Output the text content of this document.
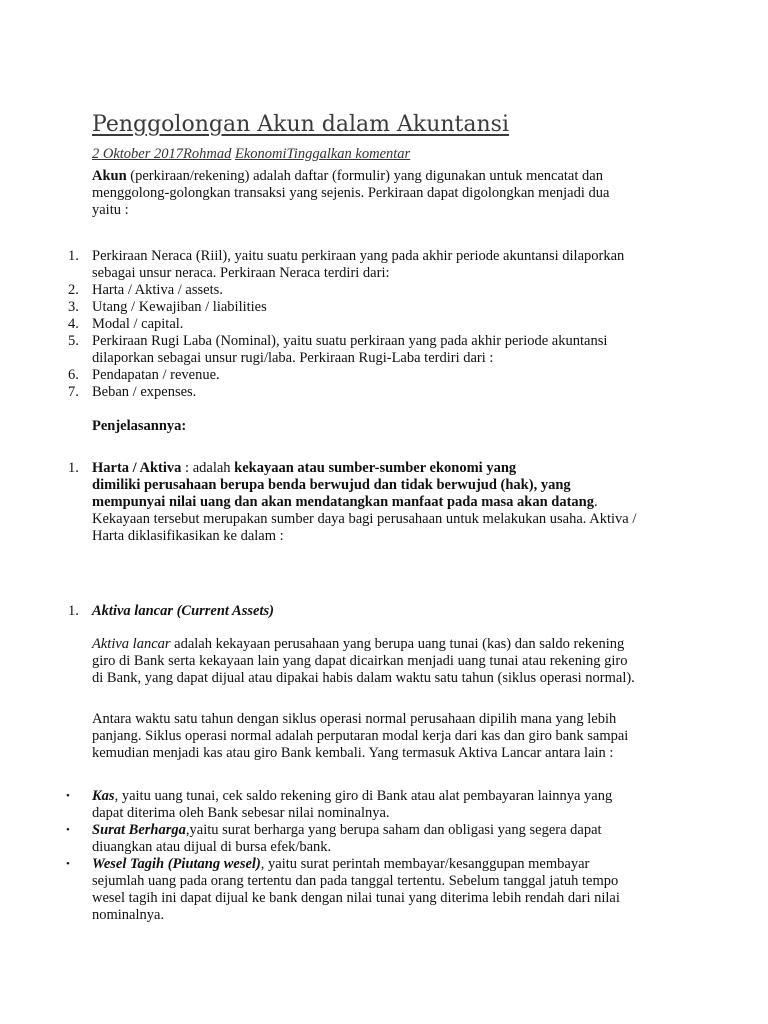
Penggolongan Akun dalam Akuntansi
2 Oktober 2017Rohmad EkonomiTinggalkan komentar
Akun (perkiraan/rekening) adalah daftar (formulir) yang digunakan untuk mencatat dan
menggolong-golongkan transaksi yang sejenis. Perkiraan dapat digolongkan menjadi dua
yaitu :
1. Perkiraan Neraca (Riil), yaitu suatu perkiraan yang pada akhir periode akuntansi dilaporkan
sebagai unsur neraca. Perkiraan Neraca terdiri dari:
2. Harta / Aktiva / assets.
3. Utang / Kewajiban / liabilities
4. Modal / capital.
5. Perkiraan Rugi Laba (Nominal), yaitu suatu perkiraan yang pada akhir periode akuntansi
dilaporkan sebagai unsur rugi/laba. Perkiraan Rugi-Laba terdiri dari :
6. Pendapatan / revenue.
7. Beban / expenses.
Penjelasannya:
1. Harta / Aktiva : adalah kekayaan atau sumber-sumber ekonomi yang
dimiliki perusahaan berupa benda berwujud dan tidak berwujud (hak), yang
mempunyai nilai uang dan akan mendatangkan manfaat pada masa akan datang.
Kekayaan tersebut merupakan sumber daya bagi perusahaan untuk melakukan usaha. Aktiva /
Harta diklasifikasikan ke dalam :
1. Aktiva lancar (Current Assets)
Aktiva lancar adalah kekayaan perusahaan yang berupa uang tunai (kas) dan saldo rekening
giro di Bank serta kekayaan lain yang dapat dicairkan menjadi uang tunai atau rekening giro
di Bank, yang dapat dijual atau dipakai habis dalam waktu satu tahun (siklus operasi normal).
Antara waktu satu tahun dengan siklus operasi normal perusahaan dipilih mana yang lebih
panjang. Siklus operasi normal adalah perputaran modal kerja dari kas dan giro bank sampai
kemudian menjadi kas atau giro Bank kembali. Yang termasuk Aktiva Lancar antara lain :
• Kas, yaitu uang tunai, cek saldo rekening giro di Bank atau alat pembayaran lainnya yang
dapat diterima oleh Bank sebesar nilai nominalnya.
• Surat Berharga,yaitu surat berharga yang berupa saham dan obligasi yang segera dapat
diuangkan atau dijual di bursa efek/bank.
• Wesel Tagih (Piutang wesel), yaitu surat perintah membayar/kesanggupan membayar
sejumlah uang pada orang tertentu dan pada tanggal tertentu. Sebelum tanggal jatuh tempo
wesel tagih ini dapat dijual ke bank dengan nilai tunai yang diterima lebih rendah dari nilai
nominalnya.
